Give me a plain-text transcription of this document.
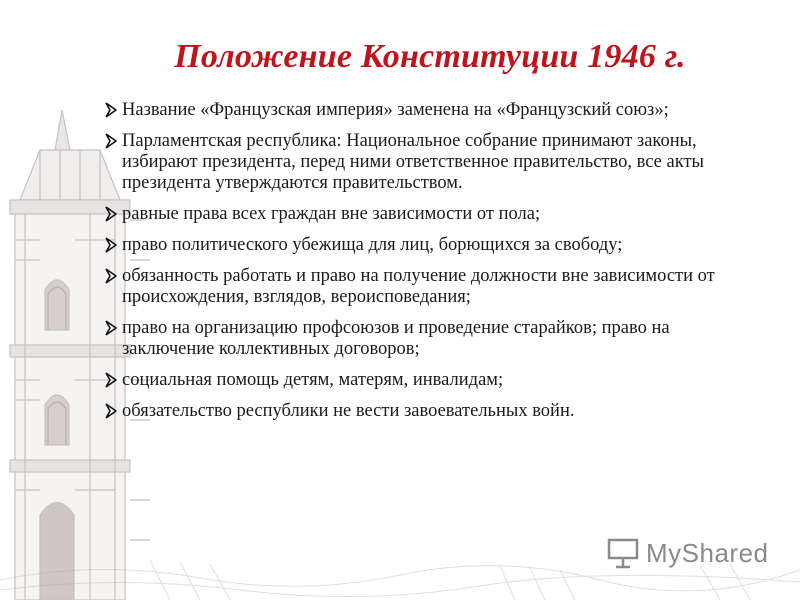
Положение Конституции 1946 г.
Название «Французская империя» заменена на «Французский союз»;
Парламентская республика: Национальное собрание принимают законы, избирают президента, перед ними ответственное правительство, все акты президента утверждаются правительством.
равные права всех граждан вне зависимости от пола;
право политического убежища для лиц, борющихся за свободу;
обязанность работать и право на получение должности вне зависимости от происхождения, взглядов, вероисповедания;
право на организацию профсоюзов и проведение старайков; право на заключение коллективных договоров;
социальная помощь детям, матерям, инвалидам;
обязательство республики не вести завоевательных войн.
MyShared
